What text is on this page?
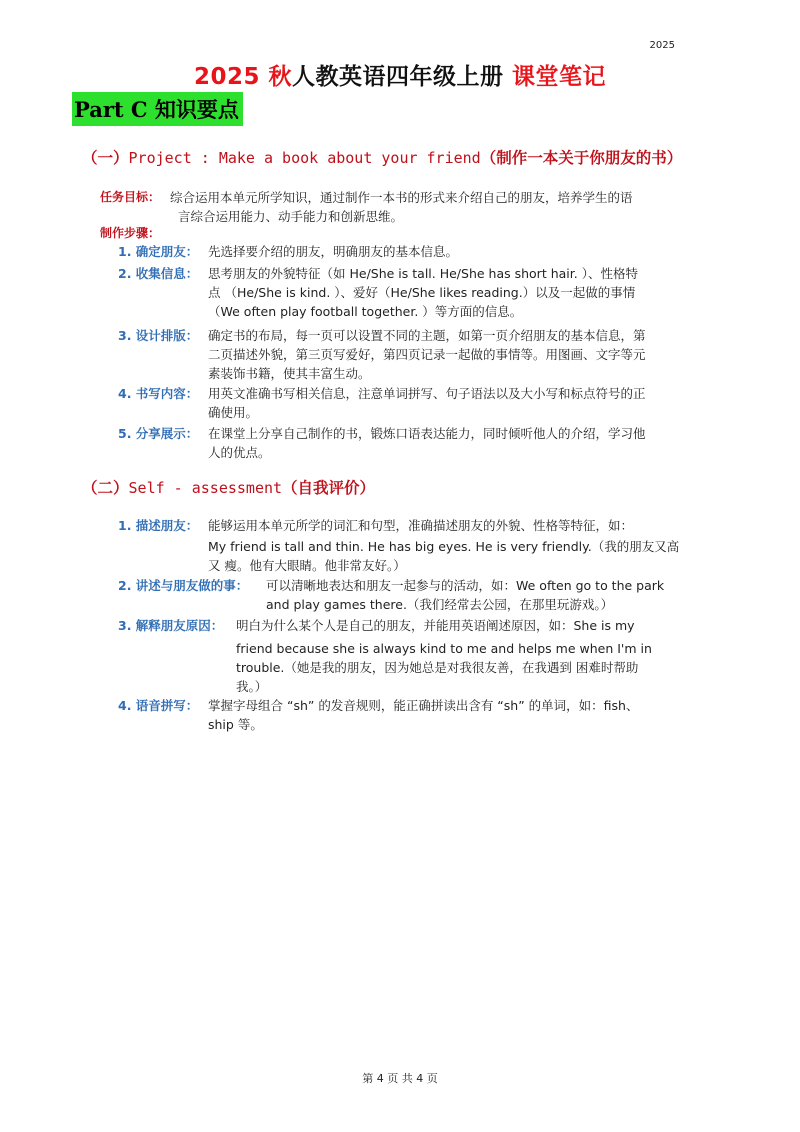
2025
2025 秋人教英语四年级上册 课堂笔记
Part C 知识要点
（一）Project : Make a book about your friend（制作一本关于你朋友的书）
任务目标： 综合运用本单元所学知识，通过制作一本书的形式来介绍自己的朋友，培养学生的语
言综合运用能力、动手能力和创新思维。
制作步骤：
1. 确定朋友： 先选择要介绍的朋友，明确朋友的基本信息。
2. 收集信息： 思考朋友的外貌特征（如 He/She is tall. He/She has short hair. ）、性格特
点 （He/She is kind. ）、爱好（He/She likes reading.）以及一起做的事情
（We often play football together. ）等方面的信息。
3. 设计排版： 确定书的布局，每一页可以设置不同的主题，如第一页介绍朋友的基本信息，第
二页描述外貌，第三页写爱好，第四页记录一起做的事情等。用图画、文字等元
素装饰书籍，使其丰富生动。
4. 书写内容： 用英文准确书写相关信息，注意单词拼写、句子语法以及大小写和标点符号的正
确使用。
5. 分享展示： 在课堂上分享自己制作的书，锻炼口语表达能力，同时倾听他人的介绍，学习他
人的优点。
（二）Self - assessment（自我评价）
1. 描述朋友： 能够运用本单元所学的词汇和句型，准确描述朋友的外貌、性格等特征，如：
My friend is tall and thin. He has big eyes. He is very friendly.（我的朋友又高
又 瘦。他有大眼睛。他非常友好。）
2. 讲述与朋友做的事：	可以清晰地表达和朋友一起参与的活动，如：We often go to the park
and play games there.（我们经常去公园，在那里玩游戏。）
3. 解释朋友原因：	明白为什么某个人是自己的朋友，并能用英语阐述原因，如：She is my
friend because she is always kind to me and helps me when I'm in
trouble.（她是我的朋友，因为她总是对我很友善，在我遇到 困难时帮助
我。）
4. 语音拼写： 掌握字母组合 “sh” 的发音规则，能正确拼读出含有 “sh” 的单词，如：fish、
ship 等。
第 4 页 共 4 页
